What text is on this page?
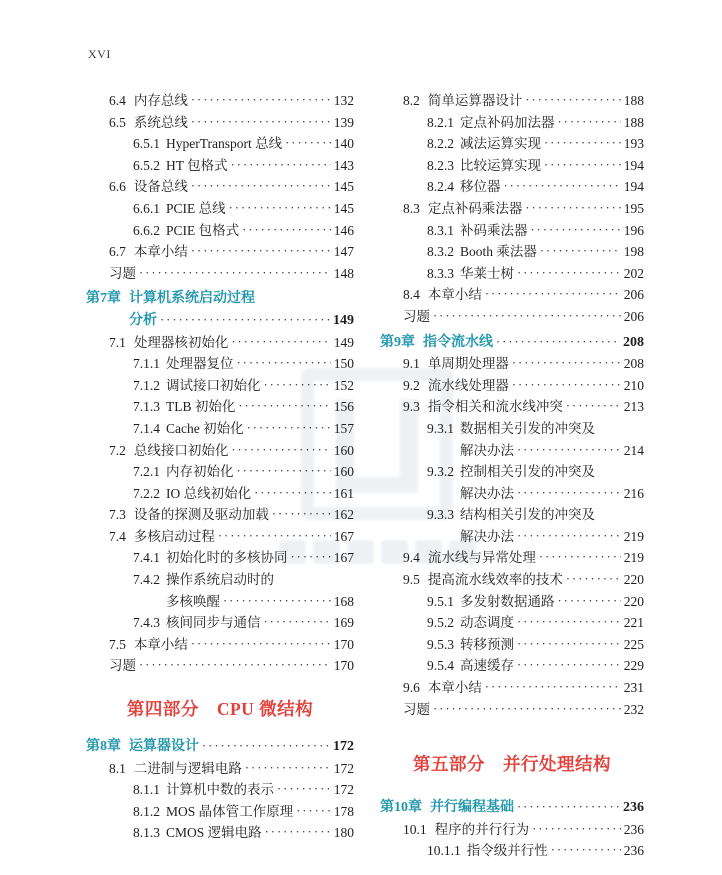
XVI
6.4 内存总线 ·····	132
6.5 系统总线 ·····	139
6.5.1 HyperTransport 总线 ·····	140
6.5.2 HT 包格式 ·····	143
6.6 设备总线 ·····	145
6.6.1 PCIE 总线 ·····	145
6.6.2 PCIE 包格式 ·····	146
6.7 本章小结 ·····	147
习题 ·····	148
第7章 计算机系统启动过程
分析 ·····	149
7.1 处理器核初始化 ·····	149
7.1.1 处理器复位 ·····	150
7.1.2 调试接口初始化 ·····	152
7.1.3 TLB 初始化 ·····	156
7.1.4 Cache 初始化 ·····	157
7.2 总线接口初始化 ·····	160
7.2.1 内存初始化 ·····	160
7.2.2 IO 总线初始化 ·····	161
7.3 设备的探测及驱动加载 ·····	162
7.4 多核启动过程 ·····	167
7.4.1 初始化时的多核协同 ·····	167
7.4.2 操作系统启动时的
多核唤醒 ·····	168
7.4.3 核间同步与通信 ·····	169
7.5 本章小结 ·····	170
习题 ·····	170
第四部分　CPU 微结构
第8章 运算器设计 ·····	172
8.1 二进制与逻辑电路 ·····	172
8.1.1 计算机中数的表示 ·····	172
8.1.2 MOS 晶体管工作原理 ·····	178
8.1.3 CMOS 逻辑电路 ·····	180
8.2 简单运算器设计 ·····	188
8.2.1 定点补码加法器 ·····	188
8.2.2 减法运算实现 ·····	193
8.2.3 比较运算实现 ·····	194
8.2.4 移位器 ·····	194
8.3 定点补码乘法器 ·····	195
8.3.1 补码乘法器 ·····	196
8.3.2 Booth 乘法器 ·····	198
8.3.3 华莱士树 ·····	202
8.4 本章小结 ·····	206
习题 ·····	206
第9章 指令流水线 ·····	208
9.1 单周期处理器 ·····	208
9.2 流水线处理器 ·····	210
9.3 指令相关和流水线冲突 ·····	213
9.3.1 数据相关引发的冲突及
解决办法 ·····	214
9.3.2 控制相关引发的冲突及
解决办法 ·····	216
9.3.3 结构相关引发的冲突及
解决办法 ·····	219
9.4 流水线与异常处理 ·····	219
9.5 提高流水线效率的技术 ·····	220
9.5.1 多发射数据通路 ·····	220
9.5.2 动态调度 ·····	221
9.5.3 转移预测 ·····	225
9.5.4 高速缓存 ·····	229
9.6 本章小结 ·····	231
习题 ·····	232
第五部分　并行处理结构
第10章 并行编程基础 ·····	236
10.1 程序的并行行为 ·····	236
10.1.1 指令级并行性 ·····	236
